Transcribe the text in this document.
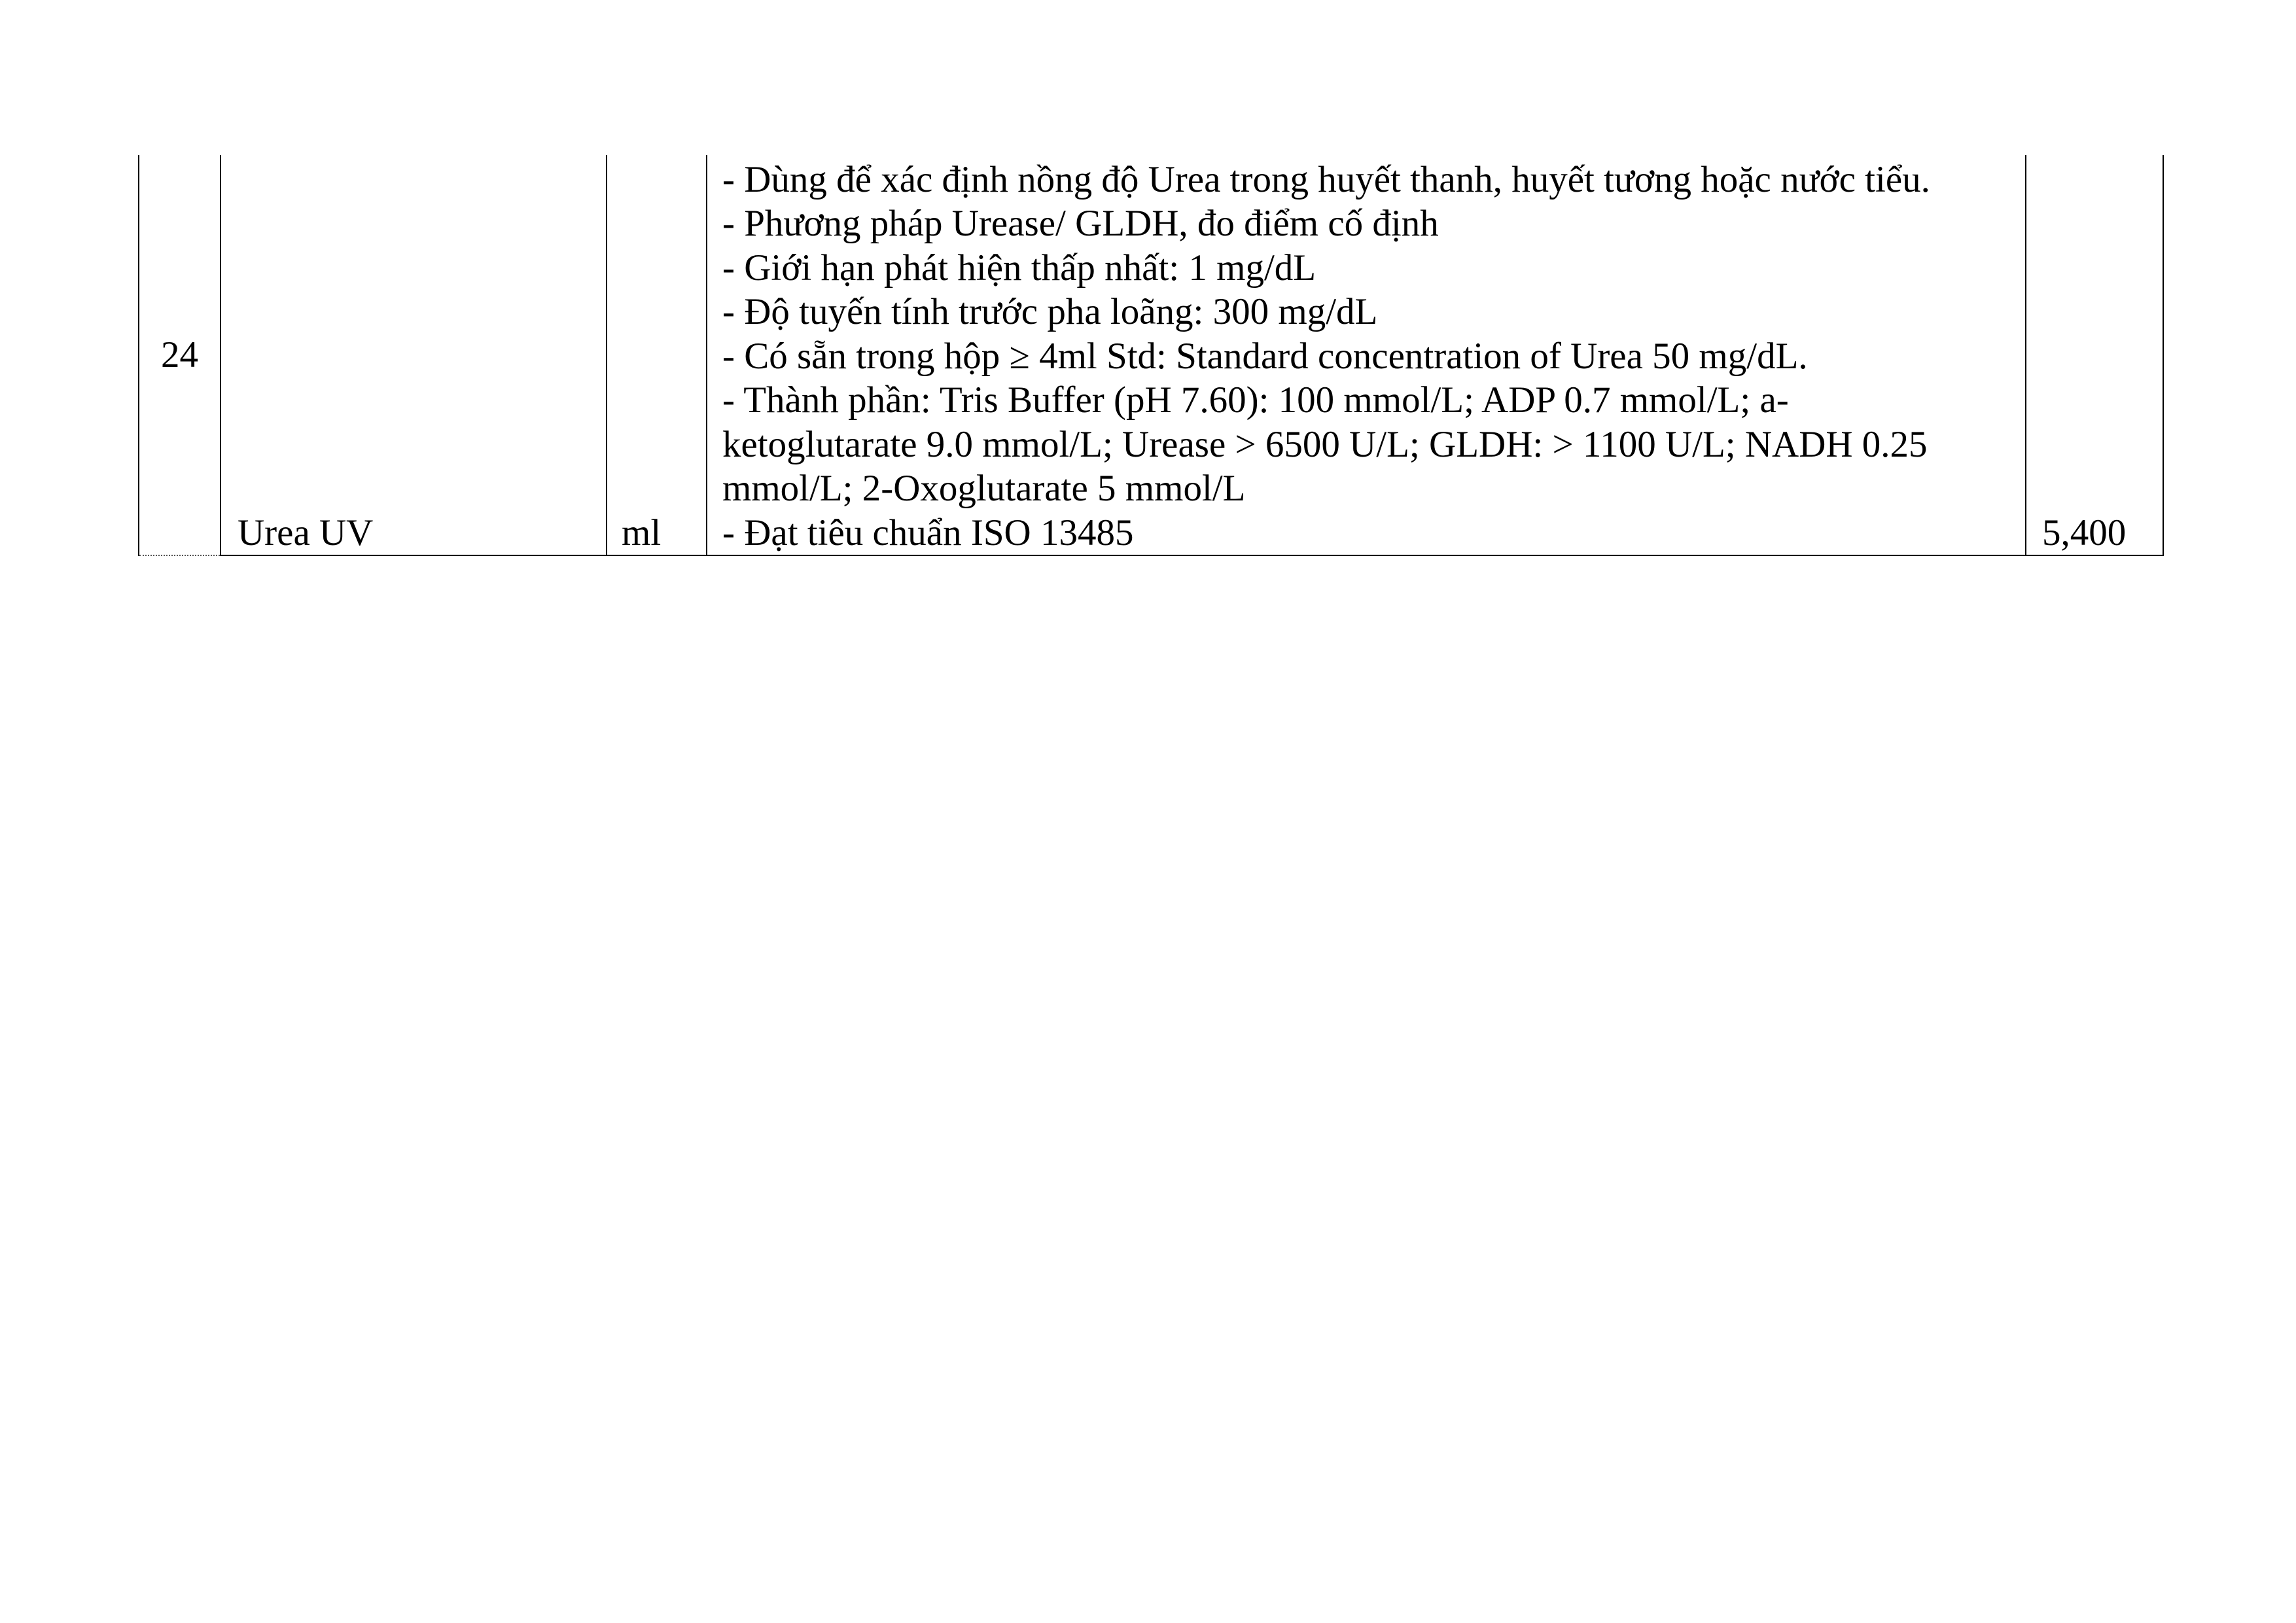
24	Urea UV	ml	
- Dùng để xác định nồng độ Urea trong huyết thanh, huyết tương hoặc nước tiểu.
- Phương pháp Urease/ GLDH, đo điểm cố định
- Giới hạn phát hiện thấp nhất: 1 mg/dL
- Độ tuyến tính trước pha loãng: 300 mg/dL
- Có sẵn trong hộp ≥ 4ml Std: Standard concentration of Urea 50 mg/dL.
- Thành phần: Tris Buffer (pH 7.60): 100 mmol/L; ADP 0.7 mmol/L; a-
ketoglutarate 9.0 mmol/L; Urease > 6500 U/L; GLDH: > 1100 U/L; NADH 0.25
mmol/L; 2-Oxoglutarate 5 mmol/L
- Đạt tiêu chuẩn ISO 13485	5,400
